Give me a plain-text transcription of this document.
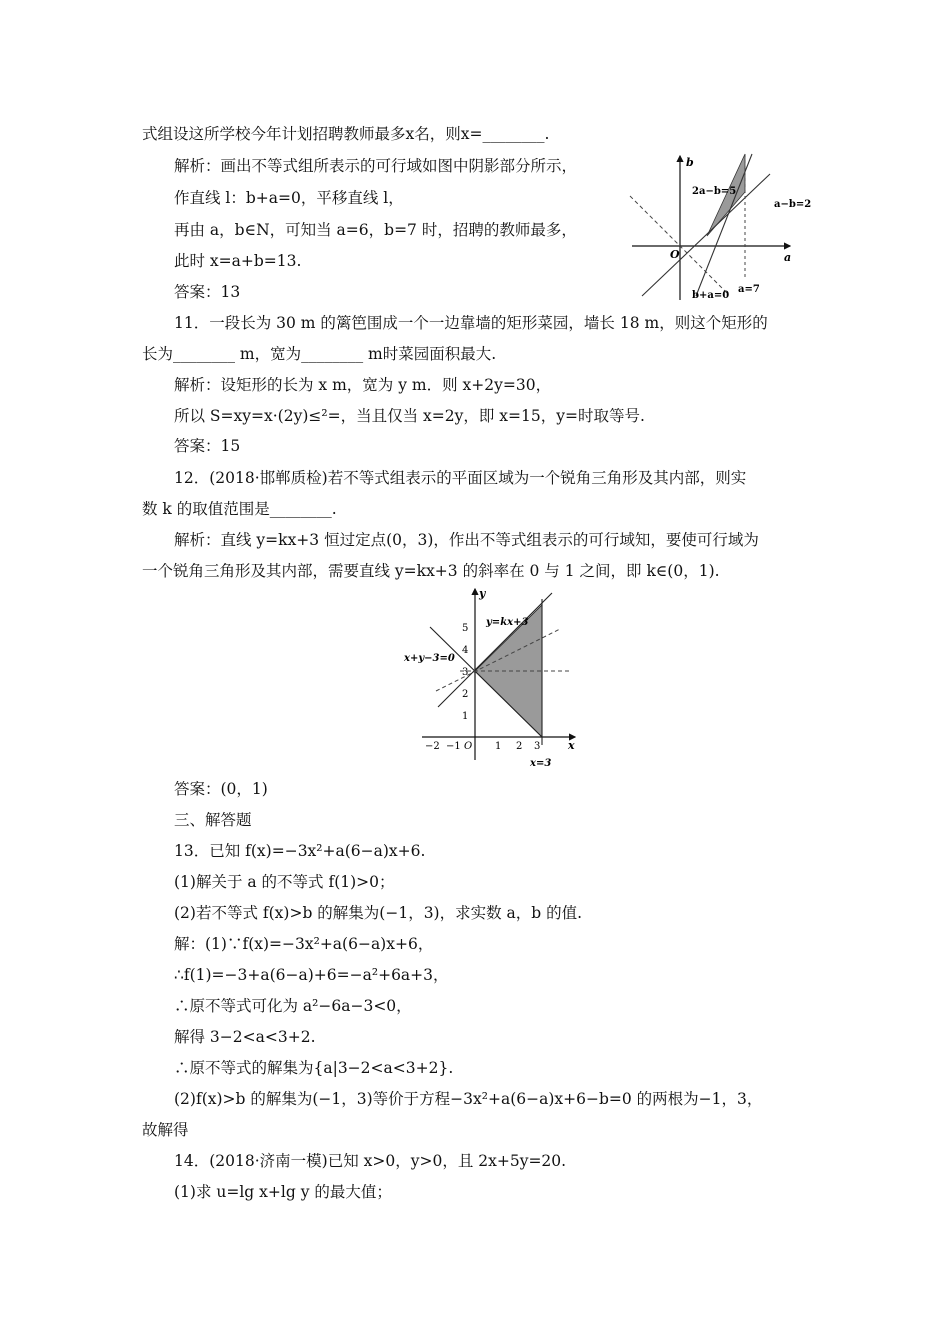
式组设这所学校今年计划招聘教师最多x名，则x=________.
解析：画出不等式组所表示的可行域如图中阴影部分所示，
作直线 l：b+a=0，平移直线 l，
再由 a，b∈N，可知当 a=6，b=7 时，招聘的教师最多，
此时 x=a+b=13.
答案：13
11．一段长为 30 m 的篱笆围成一个一边靠墙的矩形菜园，墙长 18 m，则这个矩形的
长为________ m，宽为________ m时菜园面积最大.
解析：设矩形的长为 x m，宽为 y m．则 x+2y=30，
所以 S=xy=x·(2y)≤²=，当且仅当 x=2y，即 x=15，y=时取等号.
答案：15
12．(2018·邯郸质检)若不等式组表示的平面区域为一个锐角三角形及其内部，则实
数 k 的取值范围是________.
解析：直线 y=kx+3 恒过定点(0，3)，作出不等式组表示的可行域知，要使可行域为
一个锐角三角形及其内部，需要直线 y=kx+3 的斜率在 0 与 1 之间，即 k∈(0，1).
答案：(0，1)
三、解答题
13．已知 f(x)=−3x²+a(6−a)x+6.
(1)解关于 a 的不等式 f(1)>0；
(2)若不等式 f(x)>b 的解集为(−1，3)，求实数 a，b 的值.
解：(1)∵f(x)=−3x²+a(6−a)x+6，
∴f(1)=−3+a(6−a)+6=−a²+6a+3，
∴原不等式可化为 a²−6a−3<0，
解得 3−2<a<3+2.
∴原不等式的解集为{a|3−2<a<3+2}.
(2)f(x)>b 的解集为(−1，3)等价于方程−3x²+a(6−a)x+6−b=0 的两根为−1，3，
故解得
14．(2018·济南一模)已知 x>0，y>0，且 2x+5y=20.
(1)求 u=lg x+lg y 的最大值；
b
a
O
2a−b=5
a−b=2
b+a=0
a=7
5
4
3
2
1
−2 −1	1 2 3
y
x
O
y=kx+3
x+y−3=0
x=3
